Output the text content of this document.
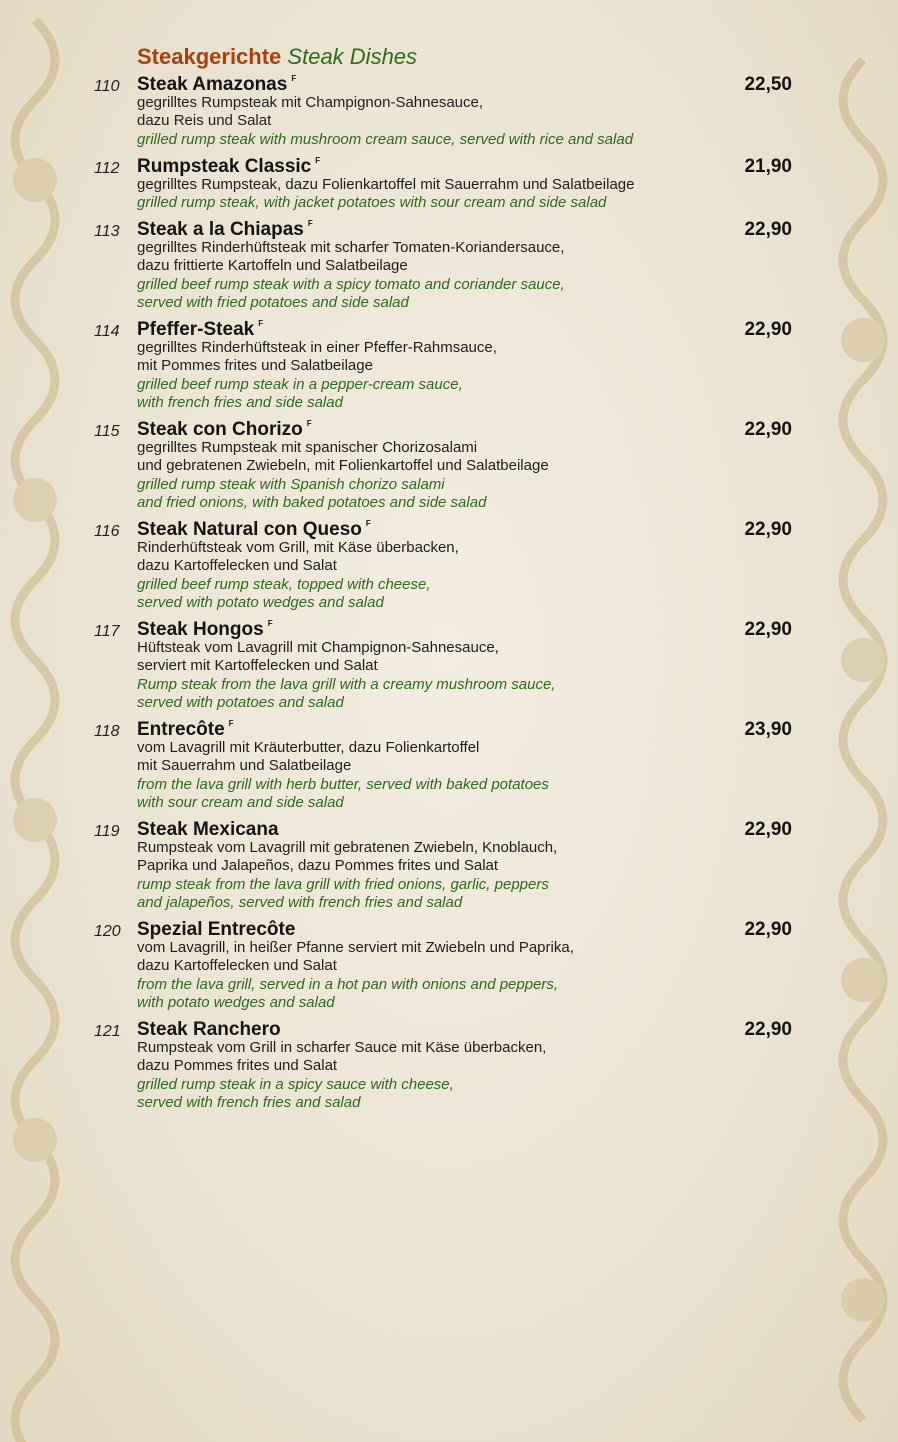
Steakgerichte Steak Dishes
110 Steak Amazonas $^F$	22,50
gegrilltes Rumpsteak mit Champignon-Sahnesauce,
dazu Reis und Salat
grilled rump steak with mushroom cream sauce, served with rice and salad
112 Rumpsteak Classic $^F$	21,90
gegrilltes Rumpsteak, dazu Folienkartoffel mit Sauerrahm und Salatbeilage
grilled rump steak, with jacket potatoes with sour cream and side salad
113 Steak a la Chiapas $^F$	22,90
gegrilltes Rinderhüftsteak mit scharfer Tomaten-Koriandersauce,
dazu frittierte Kartoffeln und Salatbeilage
grilled beef rump steak with a spicy tomato and coriander sauce,
served with fried potatoes and side salad
114 Pfeffer-Steak $^F$	22,90
gegrilltes Rinderhüftsteak in einer Pfeffer-Rahmsauce,
mit Pommes frites und Salatbeilage
grilled beef rump steak in a pepper-cream sauce,
with french fries and side salad
115 Steak con Chorizo $^F$	22,90
gegrilltes Rumpsteak mit spanischer Chorizosalami
und gebratenen Zwiebeln, mit Folienkartoffel und Salatbeilage
grilled rump steak with Spanish chorizo salami
and fried onions, with baked potatoes and side salad
116 Steak Natural con Queso $^F$	22,90
Rinderhüftsteak vom Grill, mit Käse überbacken,
dazu Kartoffelecken und Salat
grilled beef rump steak, topped with cheese,
served with potato wedges and salad
117 Steak Hongos $^F$	22,90
Hüftsteak vom Lavagrill mit Champignon-Sahnesauce,
serviert mit Kartoffelecken und Salat
Rump steak from the lava grill with a creamy mushroom sauce,
served with potatoes and salad
118 Entrecôte $^F$	23,90
vom Lavagrill mit Kräuterbutter, dazu Folienkartoffel
mit Sauerrahm und Salatbeilage
from the lava grill with herb butter, served with baked potatoes
with sour cream and side salad
119 Steak Mexicana	22,90
Rumpsteak vom Lavagrill mit gebratenen Zwiebeln, Knoblauch,
Paprika und Jalapeños, dazu Pommes frites und Salat
rump steak from the lava grill with fried onions, garlic, peppers
and jalapeños, served with french fries and salad
120 Spezial Entrecôte	22,90
vom Lavagrill, in heißer Pfanne serviert mit Zwiebeln und Paprika,
dazu Kartoffelecken und Salat
from the lava grill, served in a hot pan with onions and peppers,
with potato wedges and salad
121 Steak Ranchero	22,90
Rumpsteak vom Grill in scharfer Sauce mit Käse überbacken,
dazu Pommes frites und Salat
grilled rump steak in a spicy sauce with cheese,
served with french fries and salad
